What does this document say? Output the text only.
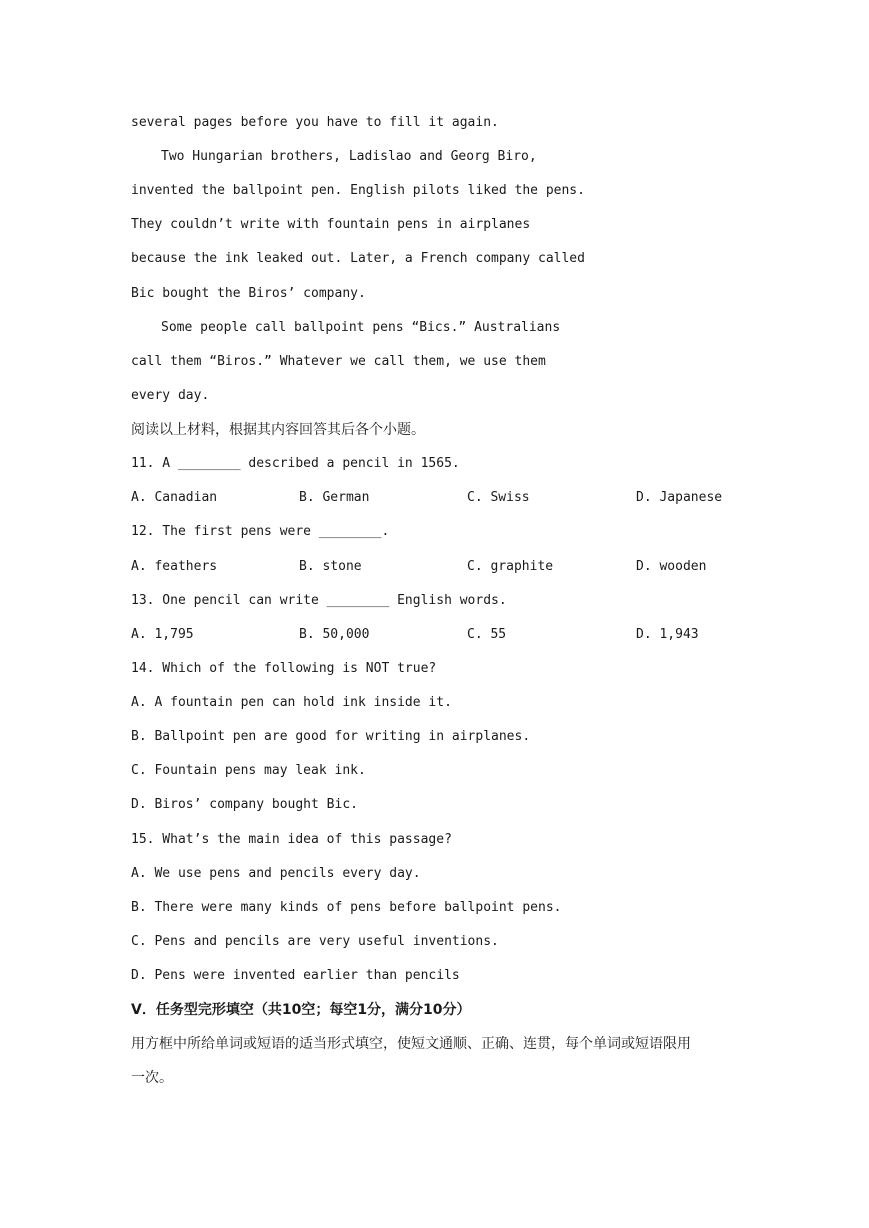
several pages before you have to fill it again.
Two Hungarian brothers, Ladislao and Georg Biro,
invented the ballpoint pen. English pilots liked the pens.
They couldn’t write with fountain pens in airplanes
because the ink leaked out. Later, a French company called
Bic bought the Biros’ company.
Some people call ballpoint pens “Bics.” Australians
call them “Biros.” Whatever we call them, we use them
every day.
阅读以上材料，根据其内容回答其后各个小题。
11. A ________ described a pencil in 1565.
A. Canadian	B. German	C. Swiss	D. Japanese
12. The first pens were ________.
A. feathers	B. stone	C. graphite	D. wooden
13. One pencil can write ________ English words.
A. 1,795	B. 50,000	C. 55	D. 1,943
14. Which of the following is NOT true?
A. A fountain pen can hold ink inside it.
B. Ballpoint pen are good for writing in airplanes.
C. Fountain pens may leak ink.
D. Biros’ company bought Bic.
15. What’s the main idea of this passage?
A. We use pens and pencils every day.
B. There were many kinds of pens before ballpoint pens.
C. Pens and pencils are very useful inventions.
D. Pens were invented earlier than pencils
V．任务型完形填空（共10空；每空1分，满分10分）
用方框中所给单词或短语的适当形式填空，使短文通顺、正确、连贯，每个单词或短语限用
一次。
